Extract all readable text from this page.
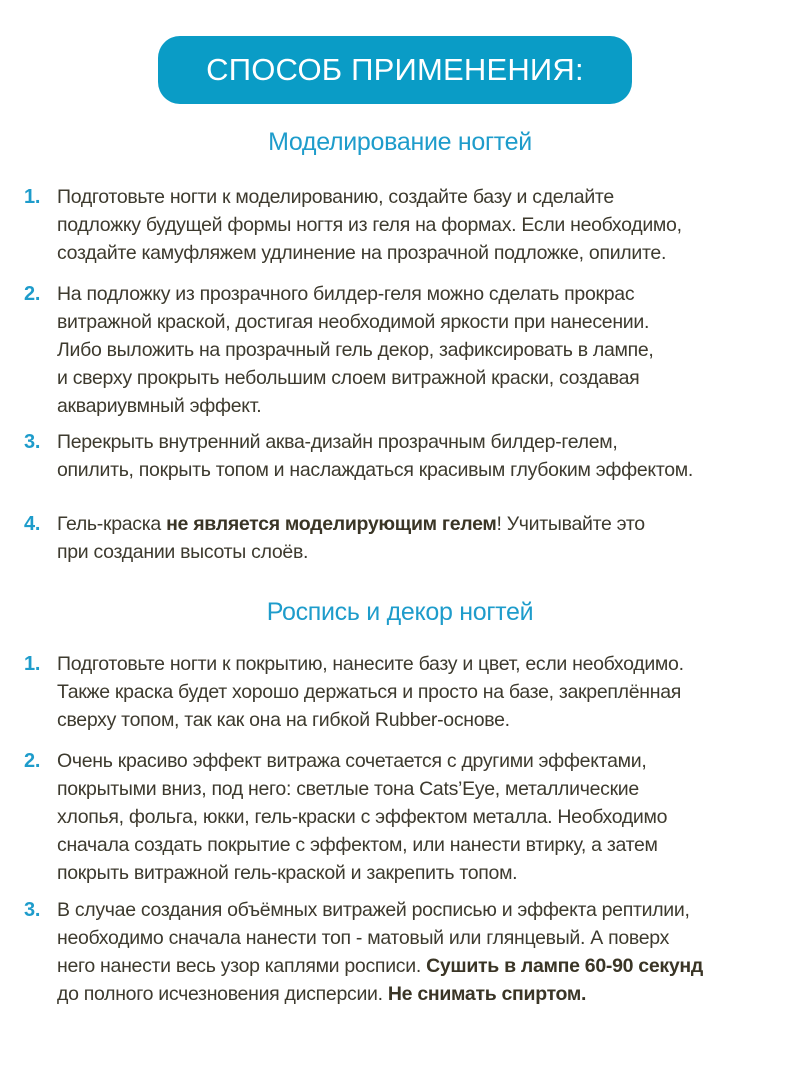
СПОСОБ ПРИМЕНЕНИЯ:
Моделирование ногтей
1. Подготовьте ногти к моделированию, создайте базу и сделайте
подложку будущей формы ногтя из геля на формах. Если необходимо,
создайте камуфляжем удлинение на прозрачной подложке, опилите.
2. На подложку из прозрачного билдер-геля можно сделать прокрас
витражной краской, достигая необходимой яркости при нанесении.
Либо выложить на прозрачный гель декор, зафиксировать в лампе,
и сверху прокрыть небольшим слоем витражной краски, создавая
аквариувмный эффект.
3. Перекрыть внутренний аква-дизайн прозрачным билдер-гелем,
опилить, покрыть топом и наслаждаться красивым глубоким эффектом.
4. Гель-краска не является моделирующим гелем! Учитывайте это
при создании высоты слоёв.
Роспись и декор ногтей
1. Подготовьте ногти к покрытию, нанесите базу и цвет, если необходимо.
Также краска будет хорошо держаться и просто на базе, закреплённая
сверху топом, так как она на гибкой Rubber-основе.
2. Очень красиво эффект витража сочетается с другими эффектами,
покрытыми вниз, под него: светлые тона Cats’Eye, металлические
хлопья, фольга, юкки, гель-краски с эффектом металла. Необходимо
сначала создать покрытие с эффектом, или нанести втирку, а затем
покрыть витражной гель-краской и закрепить топом.
3. В случае создания объёмных витражей росписью и эффекта рептилии,
необходимо сначала нанести топ - матовый или глянцевый. А поверх
него нанести весь узор каплями росписи. Сушить в лампе 60-90 секунд
до полного исчезновения дисперсии. Не снимать спиртом.
